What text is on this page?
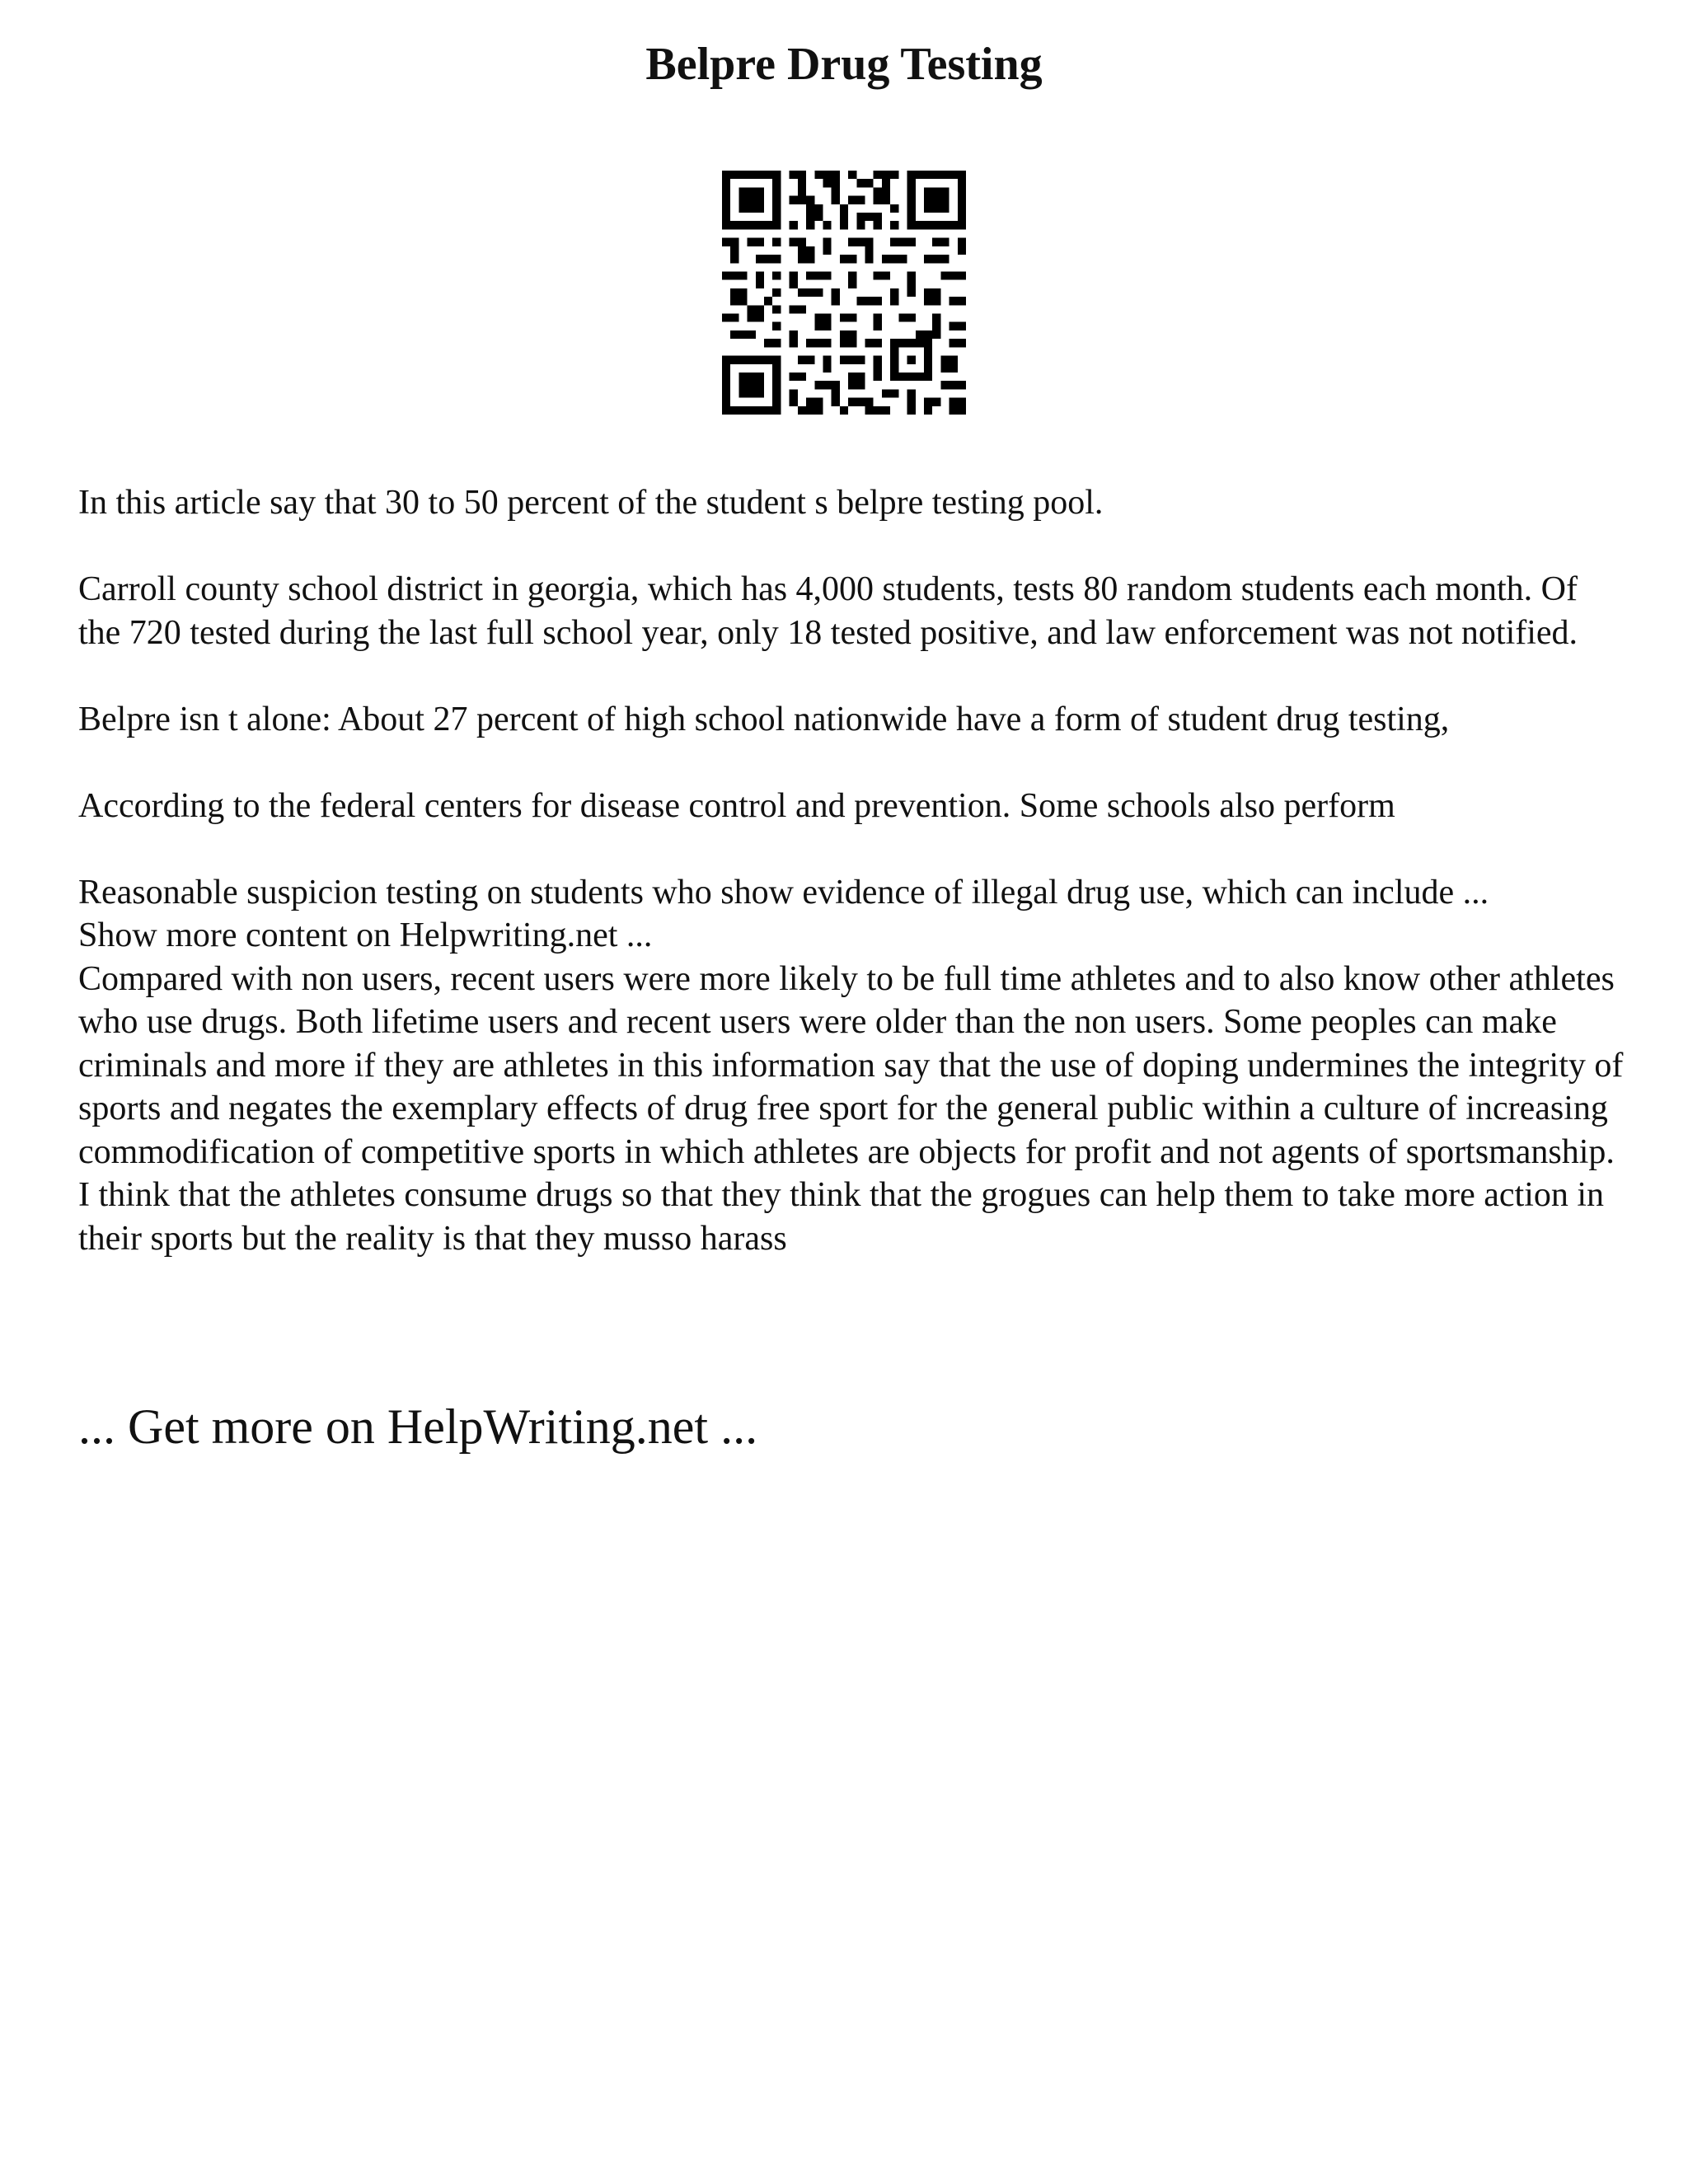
Belpre Drug Testing

In this article say that 30 to 50 percent of the student s belpre testing pool.

Carroll county school district in georgia, which has 4,000 students, tests 80 random students each month. Of the 720 tested during the last full school year, only 18 tested positive, and law enforcement was not notified.

Belpre isn t alone: About 27 percent of high school nationwide have a form of student drug testing,

According to the federal centers for disease control and prevention. Some schools also perform

Reasonable suspicion testing on students who show evidence of illegal drug use, which can include ...

Show more content on Helpwriting.net ...

Compared with non users, recent users were more likely to be full time athletes and to also know other athletes who use drugs. Both lifetime users and recent users were older than the non users. Some peoples can make criminals and more if they are athletes in this information say that the use of doping undermines the integrity of sports and negates the exemplary effects of drug free sport for the general public within a culture of increasing commodification of competitive sports in which athletes are objects for profit and not agents of sportsmanship. I think that the athletes consume drugs so that they think that the grogues can help them to take more action in their sports but the reality is that they musso harass

... Get more on HelpWriting.net ...
